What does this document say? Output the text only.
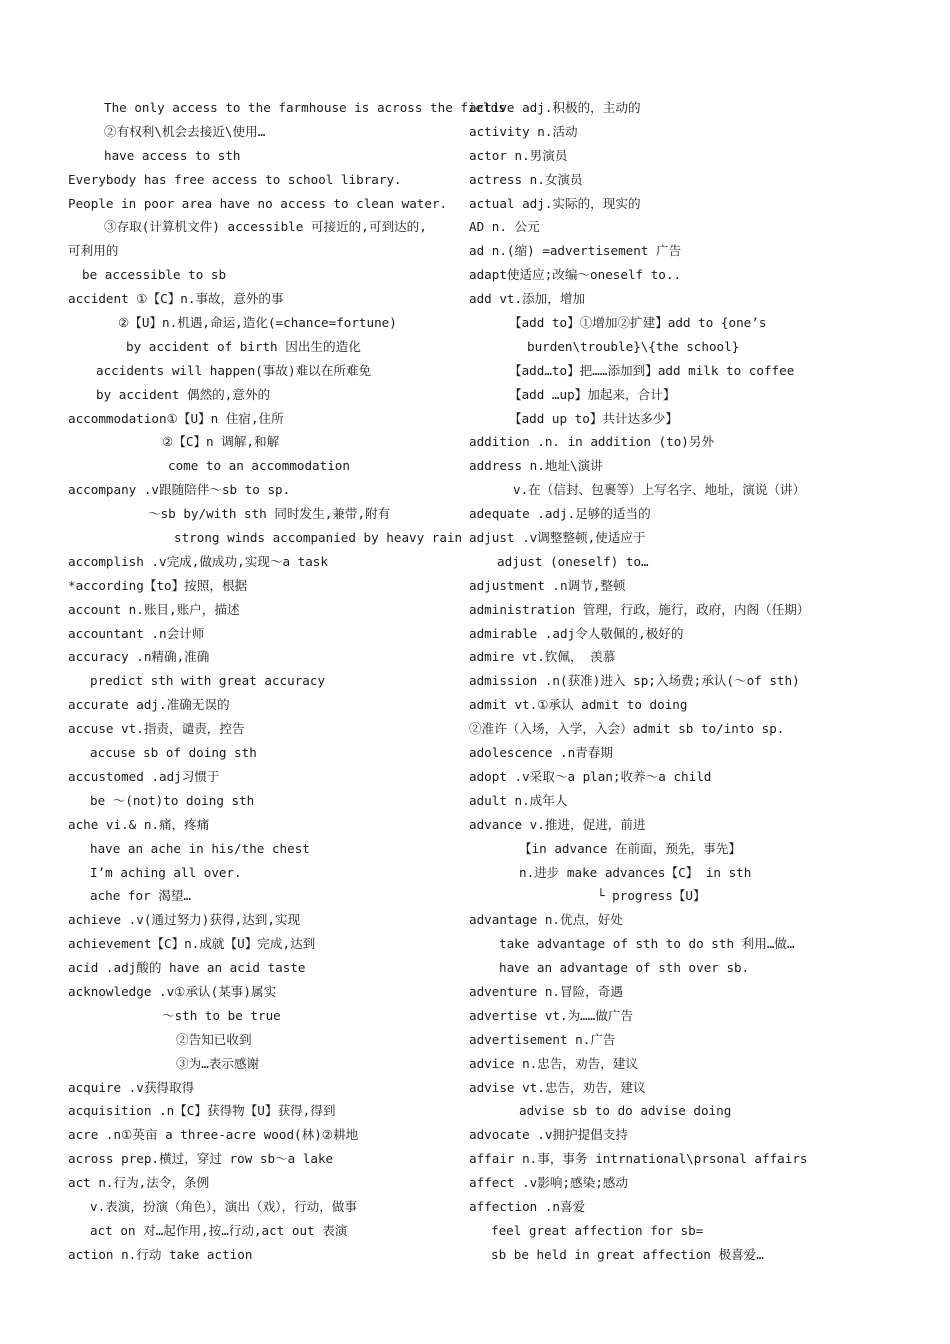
The only access to the farmhouse is across the fields
②有权利\机会去接近\使用…
have access to sth
Everybody has free access to school library.
People in poor area have no access to clean water.
③存取(计算机文件) accessible 可接近的,可到达的,
可利用的
be accessible to sb
accident ①【C】n.事故，意外的事
②【U】n.机遇,命运,造化(=chance=fortune)
by accident of birth 因出生的造化
accidents will happen(事故)难以在所难免
by accident 偶然的,意外的
accommodation①【U】n 住宿,住所
②【C】n 调解,和解
come to an accommodation
accompany .v跟随陪伴～sb to sp.
～sb by/with sth 同时发生,兼带,附有
strong winds accompanied by heavy rain
accomplish .v完成,做成功,实现～a task
*according【to】按照，根据
account n.账目,账户，描述
accountant .n会计师
accuracy .n精确,准确
predict sth with great accuracy
accurate adj.准确无误的
accuse vt.指责，谴责，控告
accuse sb of doing sth
accustomed .adj习惯于
be ～(not)to doing sth
ache vi.& n.痛，疼痛
have an ache in his/the chest
I’m aching all over.
ache for 渴望…
achieve .v(通过努力)获得,达到,实现
achievement【C】n.成就【U】完成,达到
acid .adj酸的 have an acid taste
acknowledge .v①承认(某事)属实
～sth to be true
②告知已收到
③为…表示感谢
acquire .v获得取得
acquisition .n【C】获得物【U】获得,得到
acre .n①英亩 a three-acre wood(林)②耕地
across prep.横过，穿过 row sb～a lake
act n.行为,法令，条例
v.表演，扮演（角色），演出（戏），行动，做事
act on 对…起作用,按…行动,act out 表演
action n.行动 take action
active adj.积极的，主动的
activity n.活动
actor n.男演员
actress n.女演员
actual adj.实际的，现实的
AD n. 公元
ad n.(缩) =advertisement 广告
adapt使适应;改编～oneself to..
add vt.添加，增加
【add to】①增加②扩建】add to {one’s
burden\trouble}\{the school}
【add…to】把……添加到】add milk to coffee
【add …up】加起来，合计】
【add up to】共计达多少】
addition .n. in addition (to)另外
address n.地址\演讲
v.在（信封、包裹等）上写名字、地址，演说（讲）
adequate .adj.足够的适当的
adjust .v调整整顿,使适应于
adjust (oneself) to…
adjustment .n调节,整顿
administration 管理，行政，施行，政府，内阁（任期）
admirable .adj令人敬佩的,极好的
admire vt.钦佩， 羡慕
admission .n(获准)进入 sp;入场费;承认(～of sth)
admit vt.①承认 admit to doing
②准许（入场，入学，入会）admit sb to/into sp.
adolescence .n青春期
adopt .v采取～a plan;收养～a child
adult n.成年人
advance v.推进，促进，前进
【in advance 在前面，预先，事先】
n.进步 make advances【C】 in sth
└ progress【U】
advantage n.优点，好处
take advantage of sth to do sth 利用…做…
have an advantage of sth over sb.
adventure n.冒险，奇遇
advertise vt.为……做广告
advertisement n.广告
advice n.忠告，劝告，建议
advise vt.忠告，劝告，建议
advise sb to do advise doing
advocate .v拥护提倡支持
affair n.事，事务 intrnational\prsonal affairs
affect .v影响;感染;感动
affection .n喜爱
feel great affection for sb=
sb be held in great affection 极喜爱…
